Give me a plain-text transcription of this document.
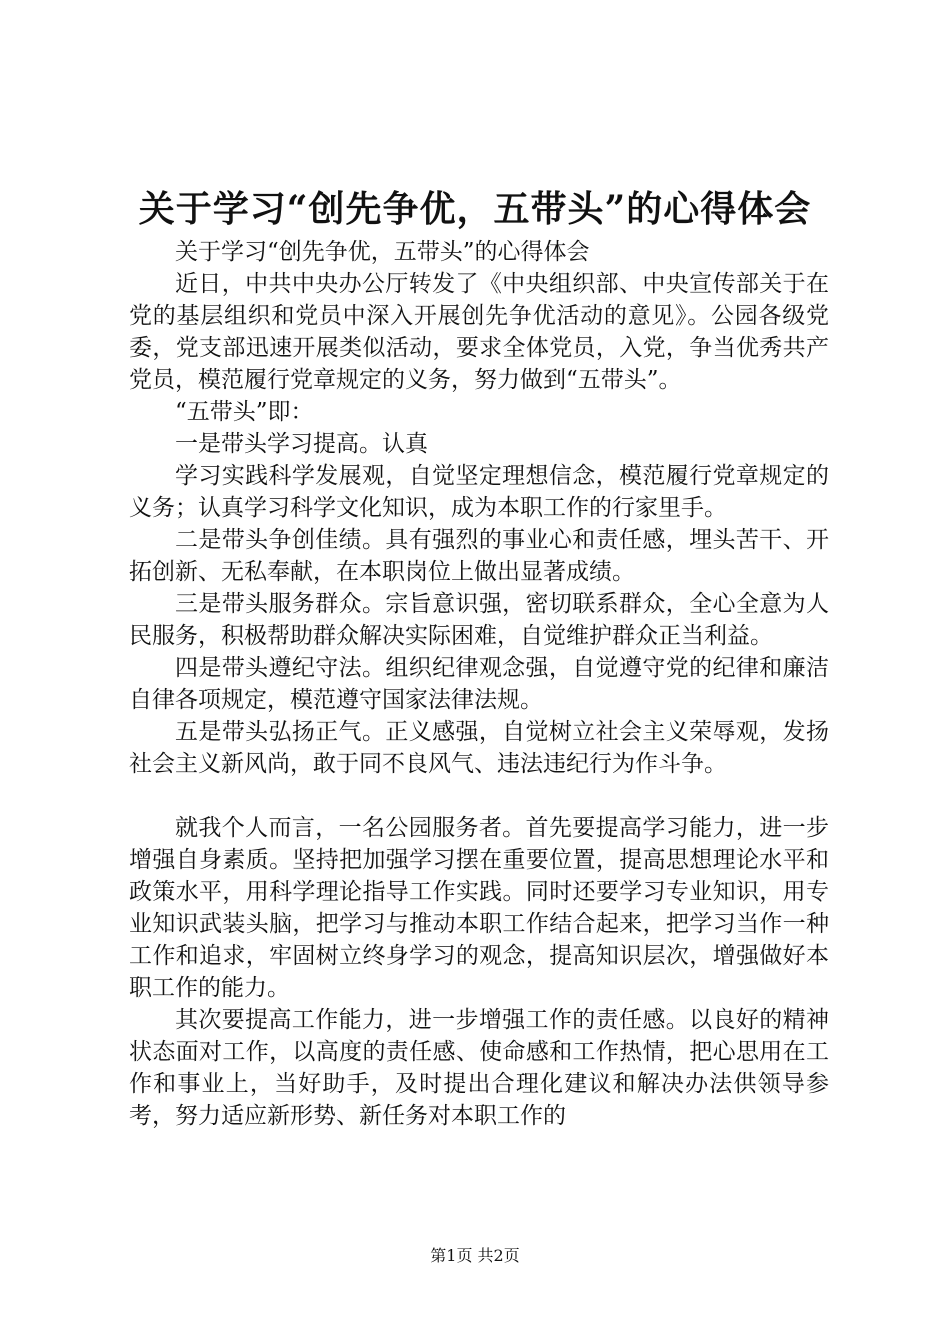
关于学习“创先争优，五带头”的心得体会

关于学习“创先争优，五带头”的心得体会

近日，中共中央办公厅转发了《中央组织部、中央宣传部关于在党的基层组织和党员中深入开展创先争优活动的意见》。公园各级党委，党支部迅速开展类似活动，要求全体党员，入党，争当优秀共产党员，模范履行党章规定的义务，努力做到“五带头”。

“五带头”即：

一是带头学习提高。认真

学习实践科学发展观，自觉坚定理想信念，模范履行党章规定的义务；认真学习科学文化知识，成为本职工作的行家里手。

二是带头争创佳绩。具有强烈的事业心和责任感，埋头苦干、开拓创新、无私奉献，在本职岗位上做出显著成绩。

三是带头服务群众。宗旨意识强，密切联系群众，全心全意为人民服务，积极帮助群众解决实际困难，自觉维护群众正当利益。

四是带头遵纪守法。组织纪律观念强，自觉遵守党的纪律和廉洁自律各项规定，模范遵守国家法律法规。

五是带头弘扬正气。正义感强，自觉树立社会主义荣辱观，发扬社会主义新风尚，敢于同不良风气、违法违纪行为作斗争。

就我个人而言，一名公园服务者。首先要提高学习能力，进一步增强自身素质。坚持把加强学习摆在重要位置，提高思想理论水平和政策水平，用科学理论指导工作实践。同时还要学习专业知识，用专业知识武装头脑，把学习与推动本职工作结合起来，把学习当作一种工作和追求，牢固树立终身学习的观念，提高知识层次，增强做好本职工作的能力。

其次要提高工作能力，进一步增强工作的责任感。以良好的精神状态面对工作，以高度的责任感、使命感和工作热情，把心思用在工作和事业上，当好助手，及时提出合理化建议和解决办法供领导参考，努力适应新形势、新任务对本职工作的

第1页 共2页
